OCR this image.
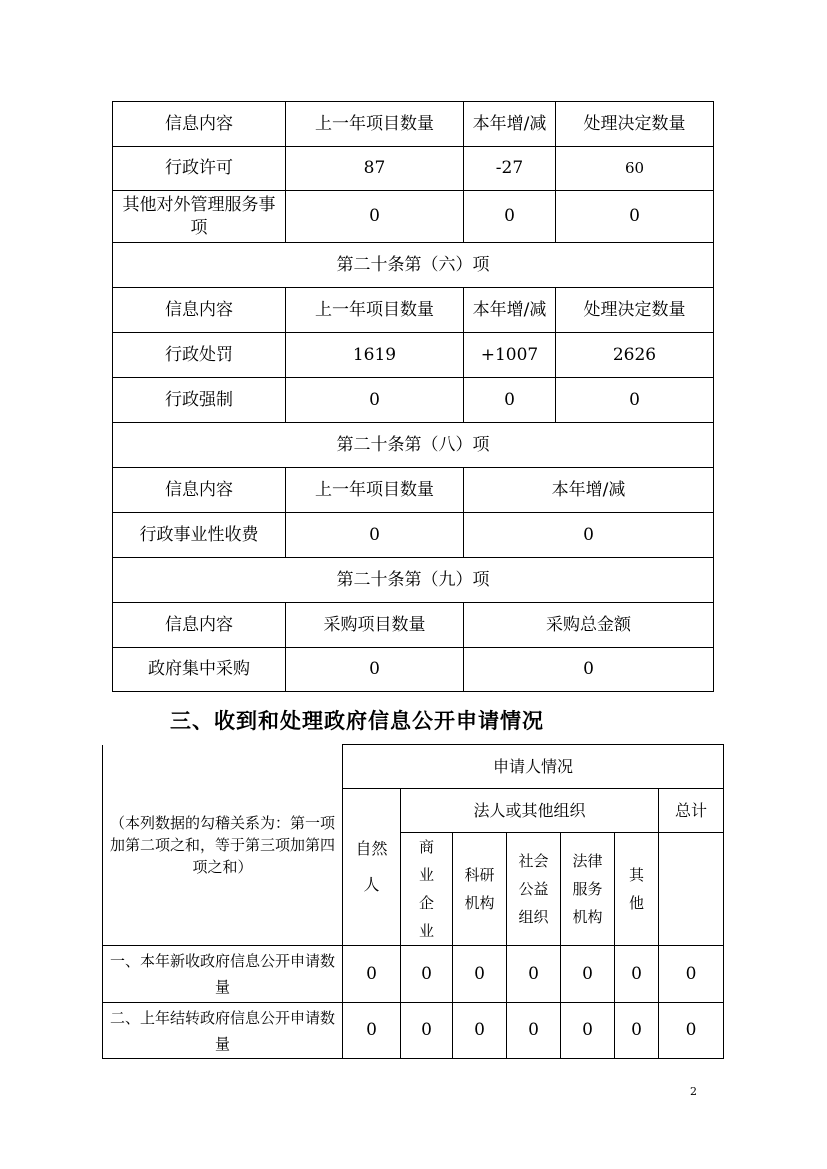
信息内容	上一年项目数量	本年增/减	处理决定数量
行政许可	87	-27	60
其他对外管理服务事项	0	0	0
第二十条第（六）项			
信息内容	上一年项目数量	本年增/减	处理决定数量
行政处罚	1619	+1007	2626
行政强制	0	0	0
第二十条第（八）项			
信息内容	上一年项目数量	本年增/减	
行政事业性收费	0	0	
第二十条第（九）项			
信息内容	采购项目数量	采购总金额	
政府集中采购	0	0	
三、收到和处理政府信息公开申请情况
（本列数据的勾稽关系为：第一项加第二项之和，等于第三项加第四项之和）	申请人情况						
	自然人	法人或其他组织					总计
		商业企业	科研机构	社会公益组织	法律服务机构	其他	
一、本年新收政府信息公开申请数量	0	0	0	0	0	0	0
二、上年结转政府信息公开申请数量	0	0	0	0	0	0	0
2
